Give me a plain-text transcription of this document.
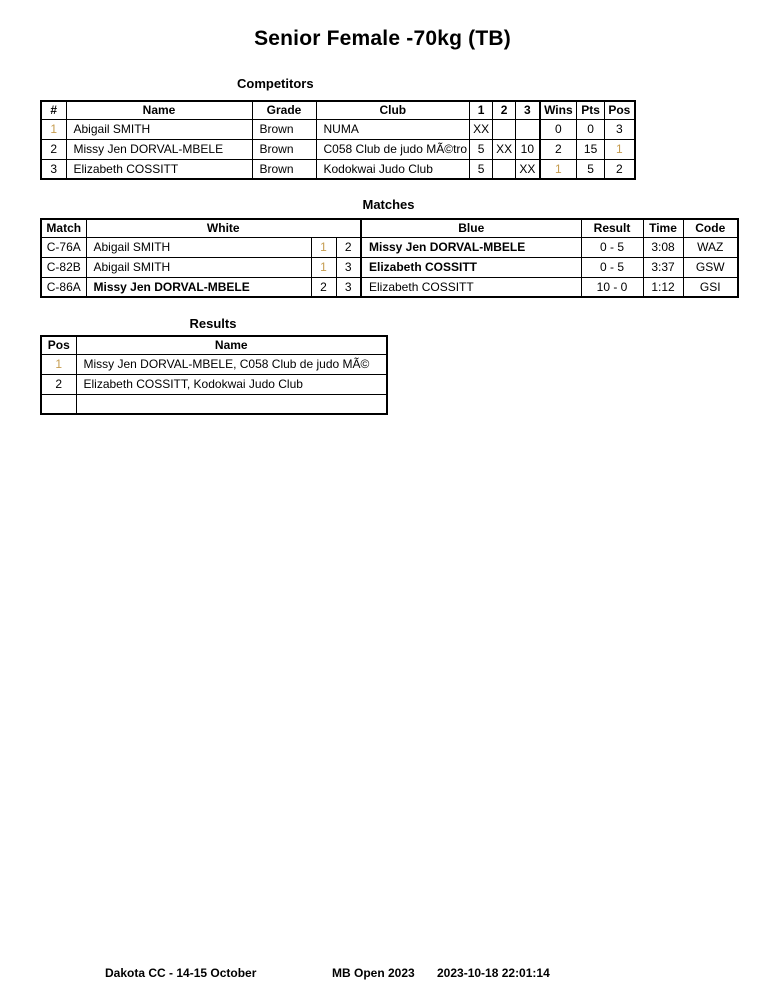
Senior Female -70kg (TB)
Competitors
#	Name	Grade	Club	1	2	3	Wins	Pts	Pos
1	Abigail SMITH	Brown	NUMA	XX			0	0	3
2	Missy Jen DORVAL-MBELE	Brown	C058 Club de judo MÃ©tro	5	XX	10	2	15	1
3	Elizabeth COSSITT	Brown	Kodokwai Judo Club	5		XX	1	5	2
Matches
Match	White			Blue	Result	Time	Code
C-76A	Abigail SMITH	1	2	Missy Jen DORVAL-MBELE	0 - 5	3:08	WAZ
C-82B	Abigail SMITH	1	3	Elizabeth COSSITT	0 - 5	3:37	GSW
C-86A	Missy Jen DORVAL-MBELE	2	3	Elizabeth COSSITT	10 - 0	1:12	GSI
Results
Pos	Name
1	Missy Jen DORVAL-MBELE, C058 Club de judo MÃ©
2	Elizabeth COSSITT, Kodokwai Judo Club

Dakota CC - 14-15 October	MB Open 2023 2023-10-18 22:01:14
